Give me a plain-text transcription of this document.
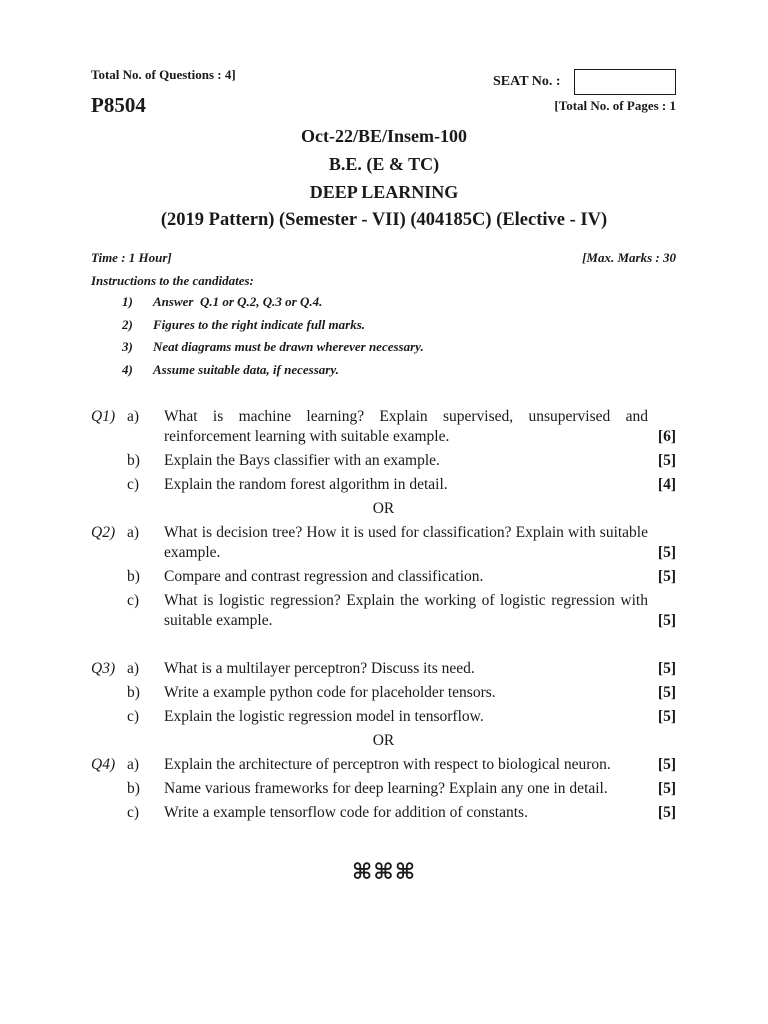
Total No. of Questions : 4]	SEAT No. :
P8504	[Total No. of Pages : 1
Oct-22/BE/Insem-100
B.E. (E & TC)
DEEP LEARNING
(2019 Pattern) (Semester - VII) (404185C) (Elective - IV)
Time : 1 Hour]	[Max. Marks : 30
Instructions to the candidates:
1)	Answer  Q.1 or Q.2, Q.3 or Q.4.
2)	Figures to the right indicate full marks.
3)	Neat diagrams must be drawn wherever necessary.
4)	Assume suitable data, if necessary.
Q1) a)	What is machine learning? Explain supervised, unsupervised and reinforcement learning with suitable example.	[6]
b)	Explain the Bays classifier with an example.	[5]
c)	Explain the random forest algorithm in detail.	[4]
OR
Q2) a)	What is decision tree? How it is used for classification? Explain with suitable example.	[5]
b)	Compare and contrast regression and classification.	[5]
c)	What is logistic regression? Explain the working of logistic regression with suitable example.	[5]
Q3) a)	What is a multilayer perceptron? Discuss its need.	[5]
b)	Write a example python code for placeholder tensors.	[5]
c)	Explain the logistic regression model in tensorflow.	[5]
OR
Q4) a)	Explain the architecture of perceptron with respect to biological neuron.	[5]
b)	Name various frameworks for deep learning? Explain any one in detail.	[5]
c)	Write a example tensorflow code for addition of constants.	[5]
⌘⌘⌘
